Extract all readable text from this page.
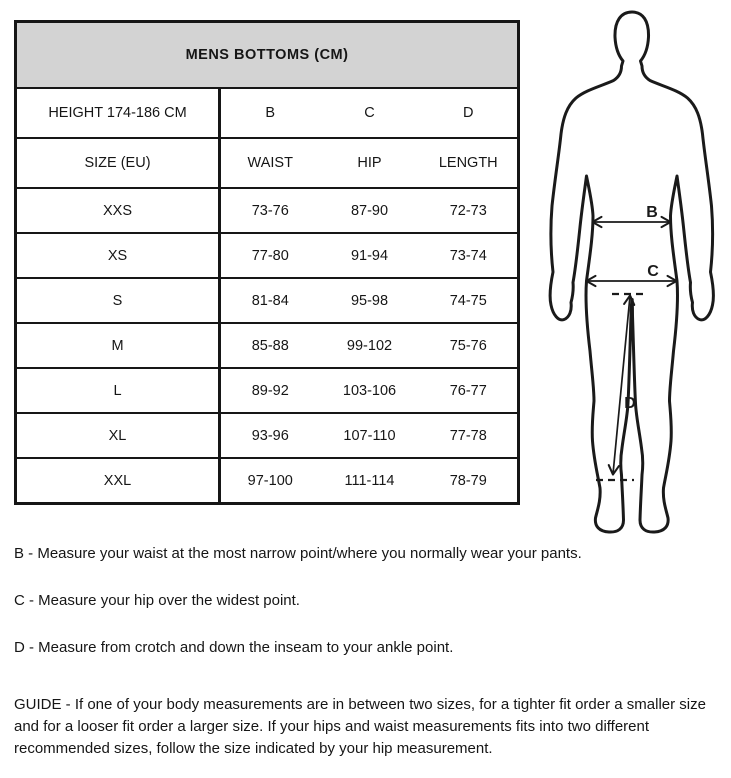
MENS BOTTOMS (CM)			
HEIGHT 174-186 CM	B	C	D
SIZE (EU)	WAIST	HIP	LENGTH
XXS	73-76	87-90	72-73
XS	77-80	91-94	73-74
S	81-84	95-98	74-75
M	85-88	99-102	75-76
L	89-92	103-106	76-77
XL	93-96	107-110	77-78
XXL	97-100	111-114	78-79
B
C
D

B - Measure your waist at the most narrow point/where you normally wear your pants.

C - Measure your hip over the widest point.

D - Measure from crotch and down the inseam to your ankle point.

GUIDE - If one of your body measurements are in between two sizes, for a tighter fit order a smaller size and for a looser fit order a larger size. If your hips and waist measurements fits into two different recommended sizes, follow the size indicated by your hip measurement.
